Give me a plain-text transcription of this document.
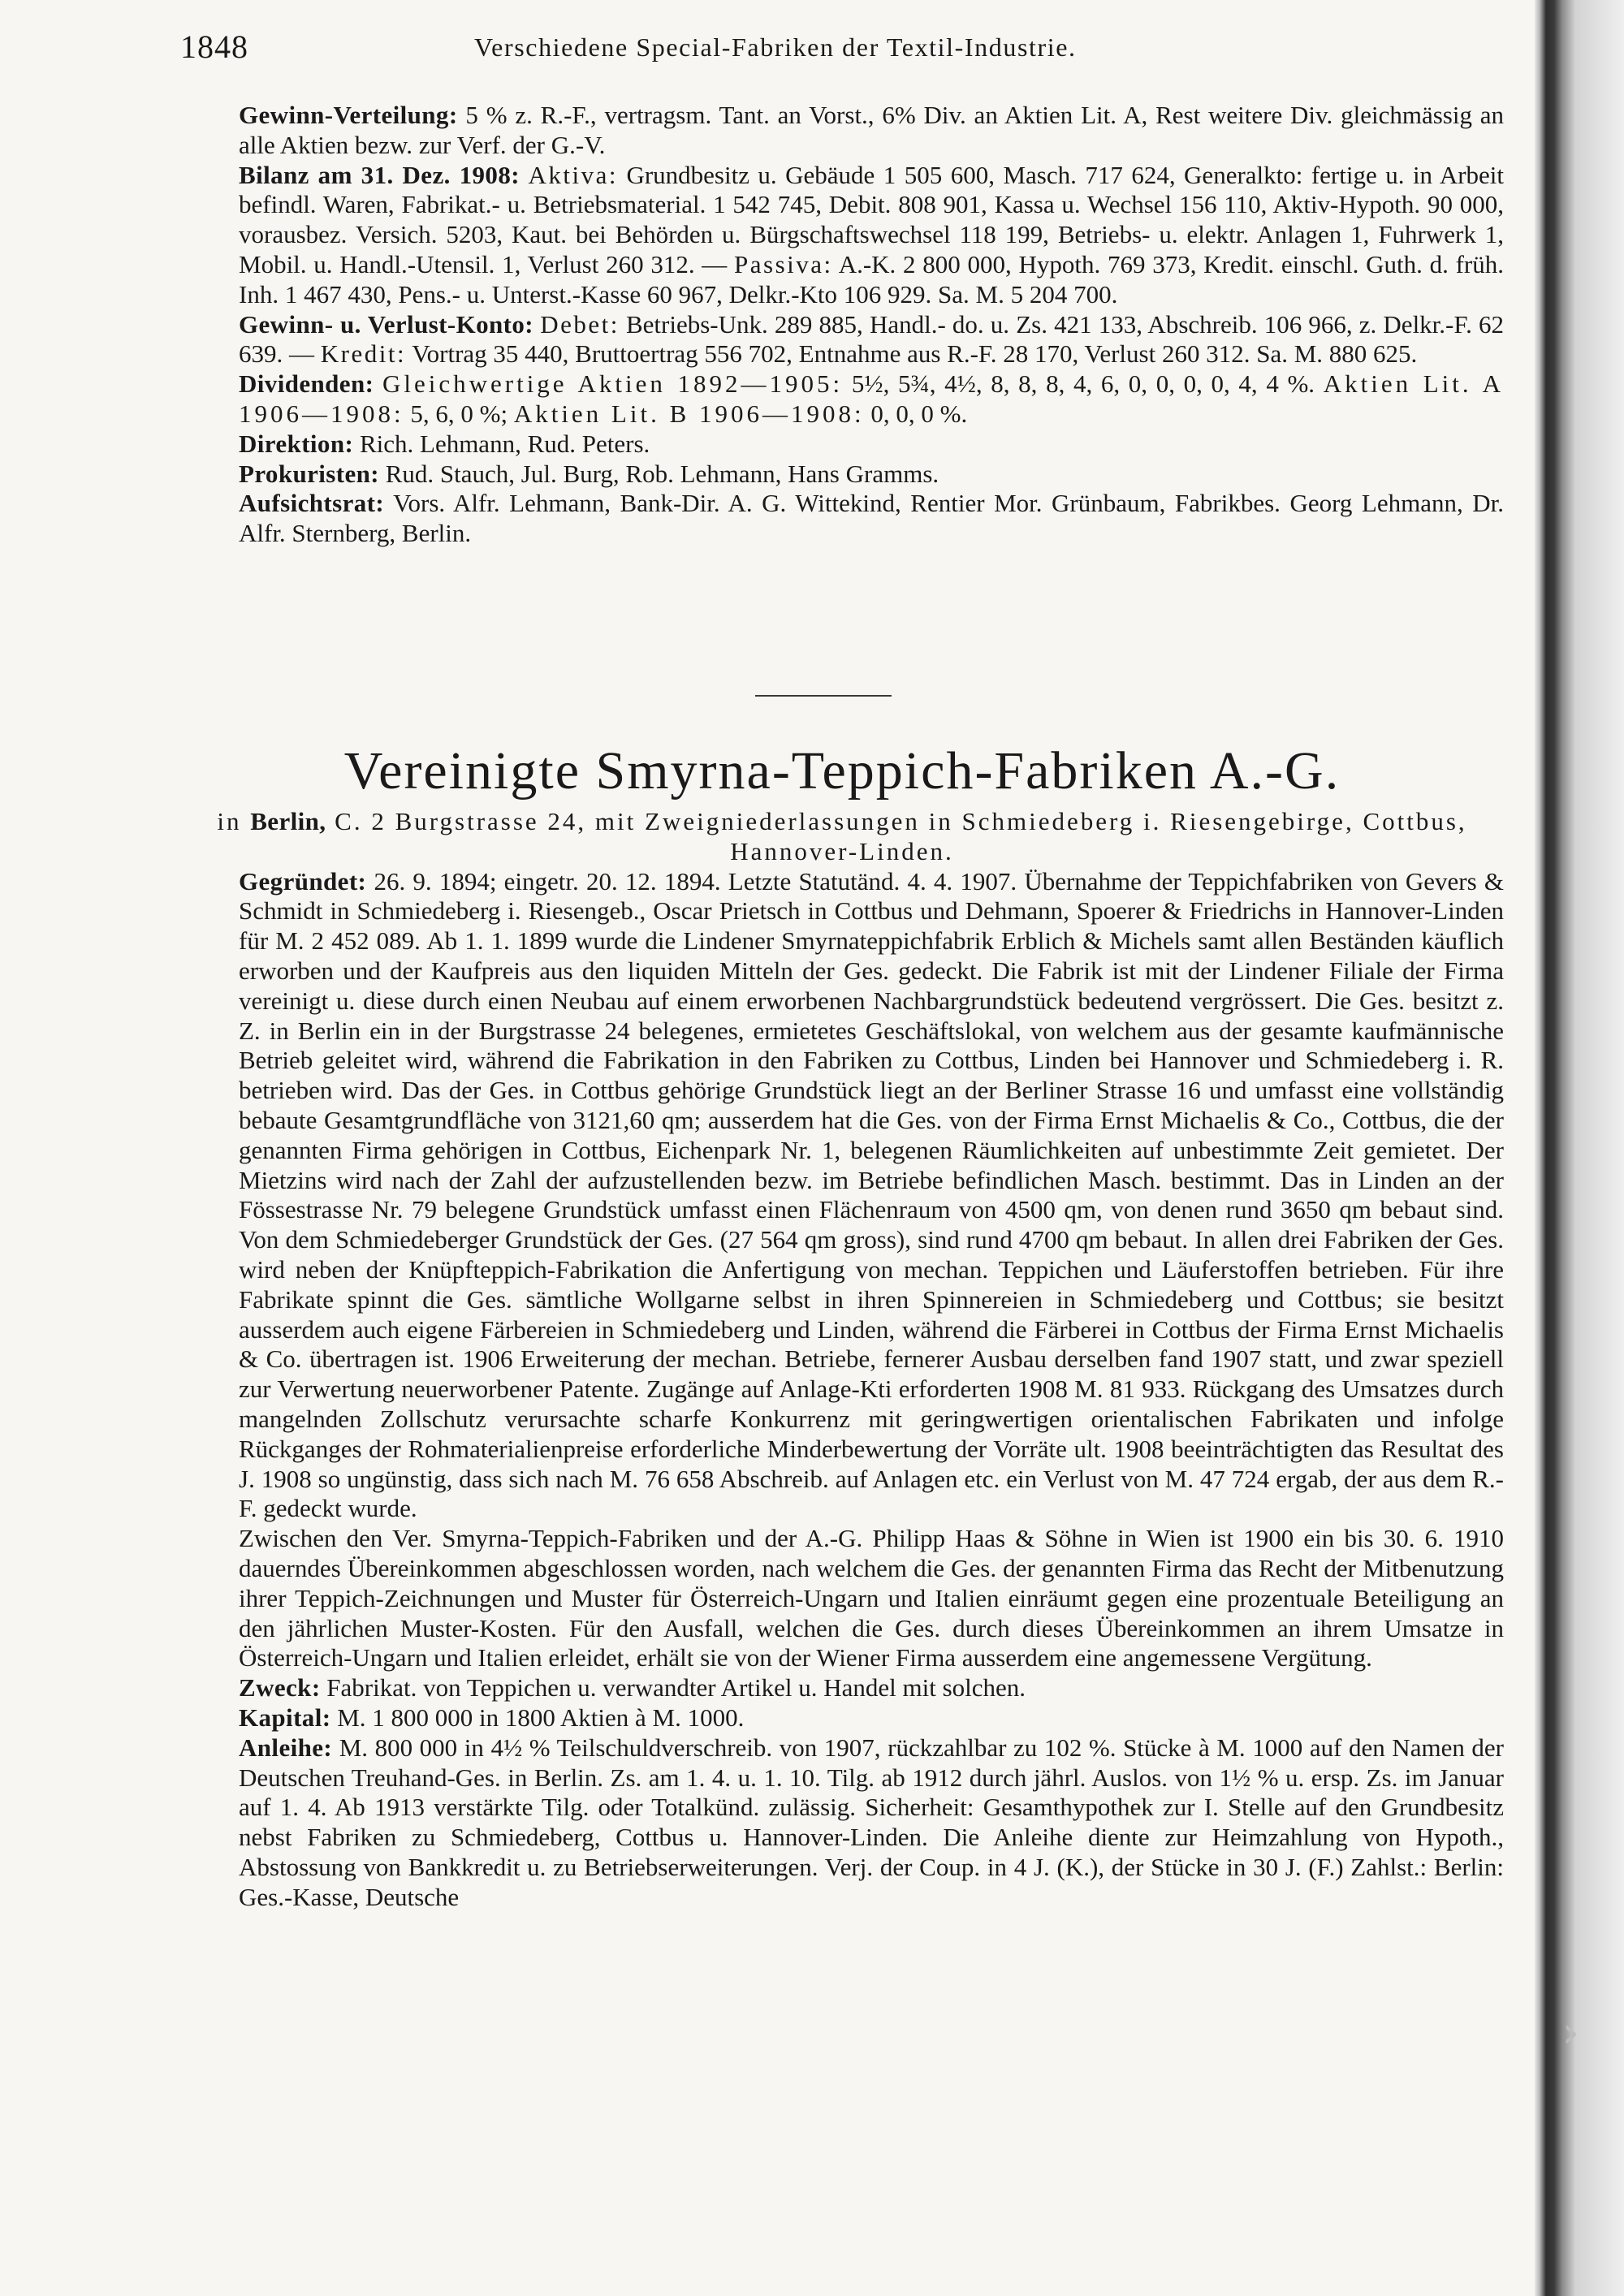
1848	Verschiedene Special-Fabriken der Textil-Industrie.

Gewinn-Verteilung: 5 % z. R.-F., vertragsm. Tant. an Vorst., 6% Div. an Aktien Lit. A, Rest weitere Div. gleichmässig an alle Aktien bezw. zur Verf. der G.-V.

Bilanz am 31. Dez. 1908: Aktiva: Grundbesitz u. Gebäude 1 505 600, Masch. 717 624, Generalkto: fertige u. in Arbeit befindl. Waren, Fabrikat.- u. Betriebsmaterial. 1 542 745, Debit. 808 901, Kassa u. Wechsel 156 110, Aktiv-Hypoth. 90 000, vorausbez. Versich. 5203, Kaut. bei Behörden u. Bürgschaftswechsel 118 199, Betriebs- u. elektr. Anlagen 1, Fuhrwerk 1, Mobil. u. Handl.-Utensil. 1, Verlust 260 312. — Passiva: A.-K. 2 800 000, Hypoth. 769 373, Kredit. einschl. Guth. d. früh. Inh. 1 467 430, Pens.- u. Unterst.-Kasse 60 967, Delkr.-Kto 106 929. Sa. M. 5 204 700.

Gewinn- u. Verlust-Konto: Debet: Betriebs-Unk. 289 885, Handl.- do. u. Zs. 421 133, Abschreib. 106 966, z. Delkr.-F. 62 639. — Kredit: Vortrag 35 440, Bruttoertrag 556 702, Entnahme aus R.-F. 28 170, Verlust 260 312. Sa. M. 880 625.

Dividenden: Gleichwertige Aktien 1892—1905: 5½, 5¾, 4½, 8, 8, 8, 4, 6, 0, 0, 0, 0, 4, 4 %. Aktien Lit. A 1906—1908: 5, 6, 0 %; Aktien Lit. B 1906—1908: 0, 0, 0 %.

Direktion: Rich. Lehmann, Rud. Peters.

Prokuristen: Rud. Stauch, Jul. Burg, Rob. Lehmann, Hans Gramms.

Aufsichtsrat: Vors. Alfr. Lehmann, Bank-Dir. A. G. Wittekind, Rentier Mor. Grünbaum, Fabrikbes. Georg Lehmann, Dr. Alfr. Sternberg, Berlin.

Vereinigte Smyrna-Teppich-Fabriken A.-G.

in Berlin, C. 2 Burgstrasse 24, mit Zweigniederlassungen in Schmiedeberg i. Riesengebirge, Cottbus, Hannover-Linden.

Gegründet: 26. 9. 1894; eingetr. 20. 12. 1894. Letzte Statutänd. 4. 4. 1907. Übernahme der Teppichfabriken von Gevers & Schmidt in Schmiedeberg i. Riesengeb., Oscar Prietsch in Cottbus und Dehmann, Spoerer & Friedrichs in Hannover-Linden für M. 2 452 089. Ab 1. 1. 1899 wurde die Lindener Smyrnateppichfabrik Erblich & Michels samt allen Beständen käuflich erworben und der Kaufpreis aus den liquiden Mitteln der Ges. gedeckt. Die Fabrik ist mit der Lindener Filiale der Firma vereinigt u. diese durch einen Neubau auf einem erworbenen Nachbargrundstück bedeutend vergrössert. Die Ges. besitzt z. Z. in Berlin ein in der Burgstrasse 24 belegenes, ermietetes Geschäftslokal, von welchem aus der gesamte kaufmännische Betrieb geleitet wird, während die Fabrikation in den Fabriken zu Cottbus, Linden bei Hannover und Schmiedeberg i. R. betrieben wird. Das der Ges. in Cottbus gehörige Grundstück liegt an der Berliner Strasse 16 und umfasst eine vollständig bebaute Gesamtgrundfläche von 3121,60 qm; ausserdem hat die Ges. von der Firma Ernst Michaelis & Co., Cottbus, die der genannten Firma gehörigen in Cottbus, Eichenpark Nr. 1, belegenen Räumlichkeiten auf unbestimmte Zeit gemietet. Der Mietzins wird nach der Zahl der aufzustellenden bezw. im Betriebe befindlichen Masch. bestimmt. Das in Linden an der Fössestrasse Nr. 79 belegene Grundstück umfasst einen Flächenraum von 4500 qm, von denen rund 3650 qm bebaut sind. Von dem Schmiedeberger Grundstück der Ges. (27 564 qm gross), sind rund 4700 qm bebaut. In allen drei Fabriken der Ges. wird neben der Knüpfteppich-Fabrikation die Anfertigung von mechan. Teppichen und Läuferstoffen betrieben. Für ihre Fabrikate spinnt die Ges. sämtliche Wollgarne selbst in ihren Spinnereien in Schmiedeberg und Cottbus; sie besitzt ausserdem auch eigene Färbereien in Schmiedeberg und Linden, während die Färberei in Cottbus der Firma Ernst Michaelis & Co. übertragen ist. 1906 Erweiterung der mechan. Betriebe, fernerer Ausbau derselben fand 1907 statt, und zwar speziell zur Verwertung neuerworbener Patente. Zugänge auf Anlage-Kti erforderten 1908 M. 81 933. Rückgang des Umsatzes durch mangelnden Zollschutz verursachte scharfe Konkurrenz mit geringwertigen orientalischen Fabrikaten und infolge Rückganges der Rohmaterialienpreise erforderliche Minderbewertung der Vorräte ult. 1908 beeinträchtigten das Resultat des J. 1908 so ungünstig, dass sich nach M. 76 658 Abschreib. auf Anlagen etc. ein Verlust von M. 47 724 ergab, der aus dem R.-F. gedeckt wurde.

Zwischen den Ver. Smyrna-Teppich-Fabriken und der A.-G. Philipp Haas & Söhne in Wien ist 1900 ein bis 30. 6. 1910 dauerndes Übereinkommen abgeschlossen worden, nach welchem die Ges. der genannten Firma das Recht der Mitbenutzung ihrer Teppich-Zeichnungen und Muster für Österreich-Ungarn und Italien einräumt gegen eine prozentuale Beteiligung an den jährlichen Muster-Kosten. Für den Ausfall, welchen die Ges. durch dieses Übereinkommen an ihrem Umsatze in Österreich-Ungarn und Italien erleidet, erhält sie von der Wiener Firma ausserdem eine angemessene Vergütung.

Zweck: Fabrikat. von Teppichen u. verwandter Artikel u. Handel mit solchen.

Kapital: M. 1 800 000 in 1800 Aktien à M. 1000.

Anleihe: M. 800 000 in 4½ % Teilschuldverschreib. von 1907, rückzahlbar zu 102 %. Stücke à M. 1000 auf den Namen der Deutschen Treuhand-Ges. in Berlin. Zs. am 1. 4. u. 1. 10. Tilg. ab 1912 durch jährl. Auslos. von 1½ % u. ersp. Zs. im Januar auf 1. 4. Ab 1913 verstärkte Tilg. oder Totalkünd. zulässig. Sicherheit: Gesamthypothek zur I. Stelle auf den Grundbesitz nebst Fabriken zu Schmiedeberg, Cottbus u. Hannover-Linden. Die Anleihe diente zur Heimzahlung von Hypoth., Abstossung von Bankkredit u. zu Betriebserweiterungen. Verj. der Coup. in 4 J. (K.), der Stücke in 30 J. (F.) Zahlst.: Berlin: Ges.-Kasse, Deutsche

›
